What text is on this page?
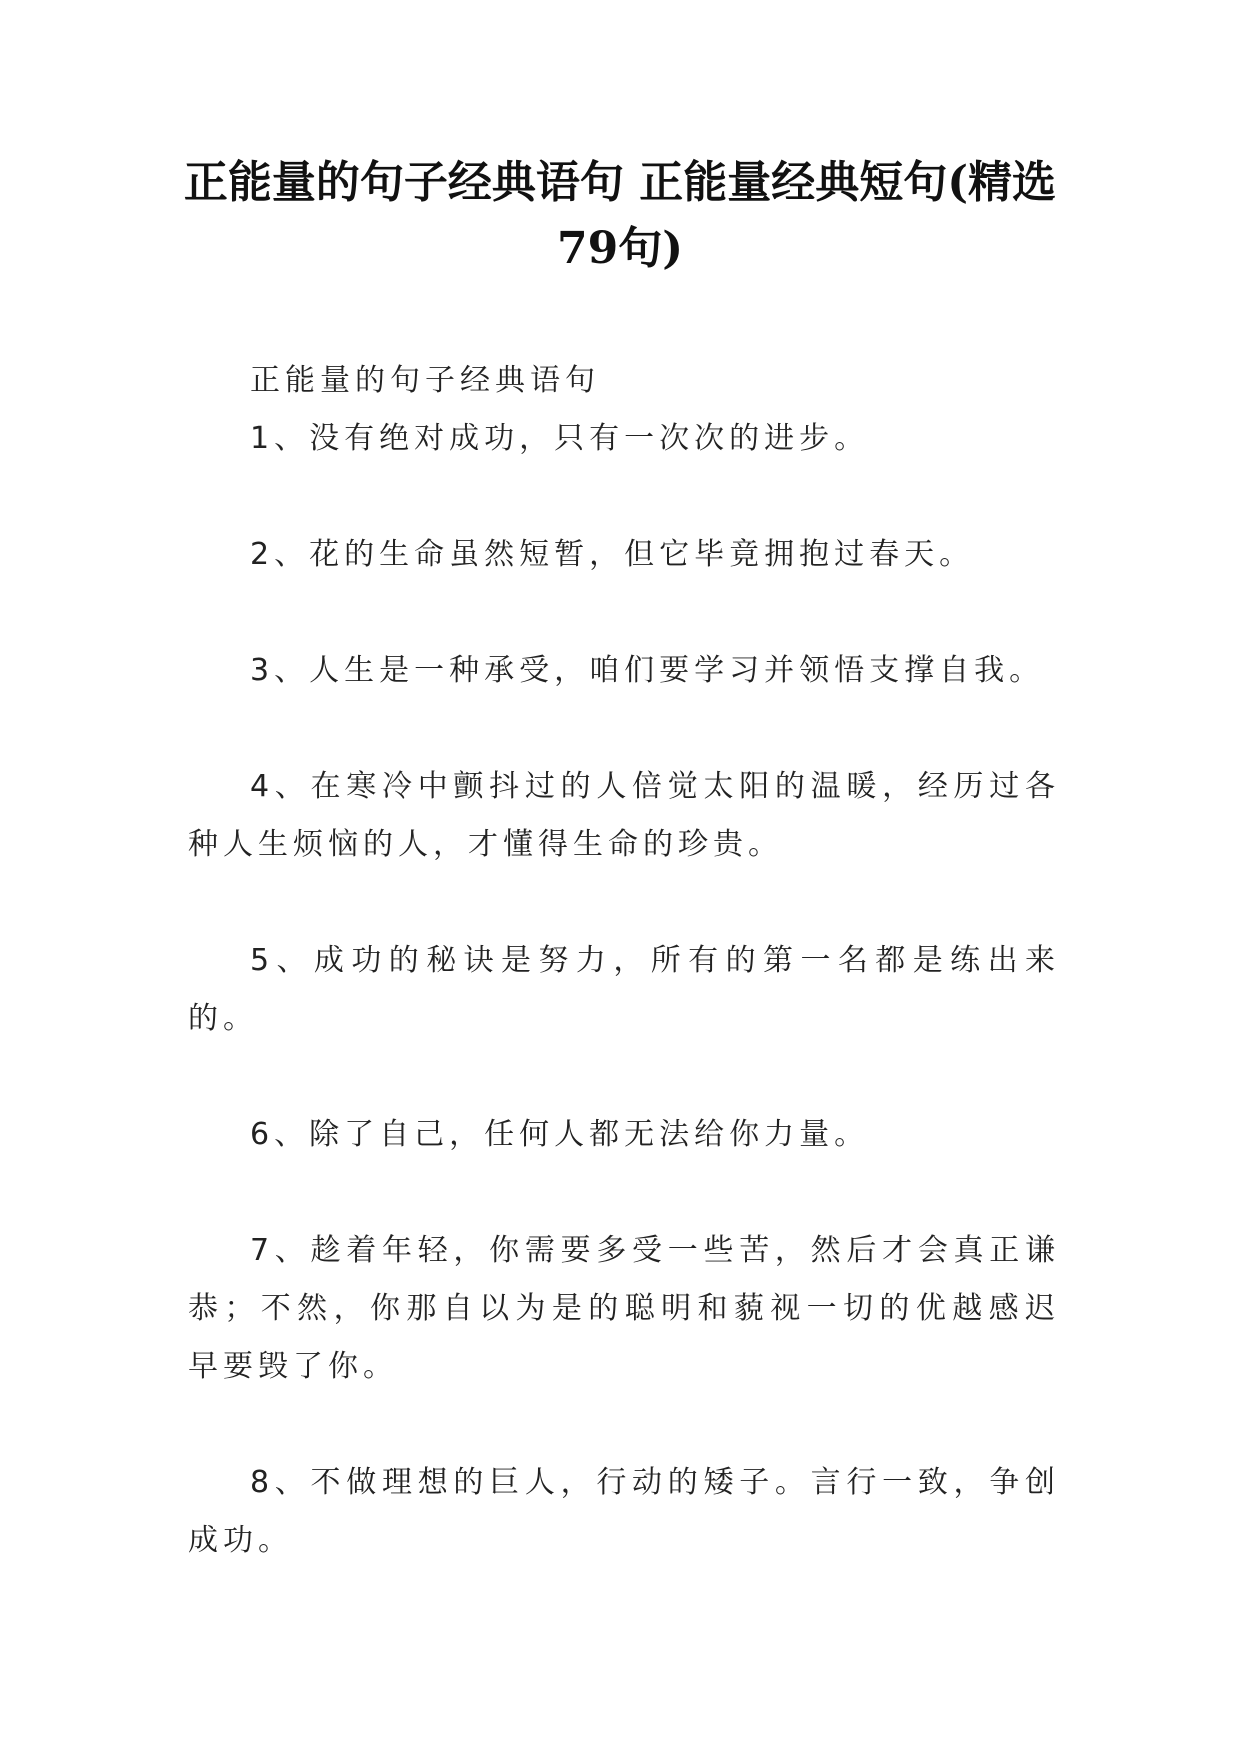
正能量的句子经典语句 正能量经典短句(精选79句)

正能量的句子经典语句

1、没有绝对成功，只有一次次的进步。

2、花的生命虽然短暂，但它毕竟拥抱过春天。

3、人生是一种承受，咱们要学习并领悟支撑自我。

4、在寒冷中颤抖过的人倍觉太阳的温暖，经历过各种人生烦恼的人，才懂得生命的珍贵。

5、成功的秘诀是努力，所有的第一名都是练出来的。

6、除了自己，任何人都无法给你力量。

7、趁着年轻，你需要多受一些苦，然后才会真正谦恭；不然，你那自以为是的聪明和藐视一切的优越感迟早要毁了你。

8、不做理想的巨人，行动的矮子。言行一致，争创成功。
